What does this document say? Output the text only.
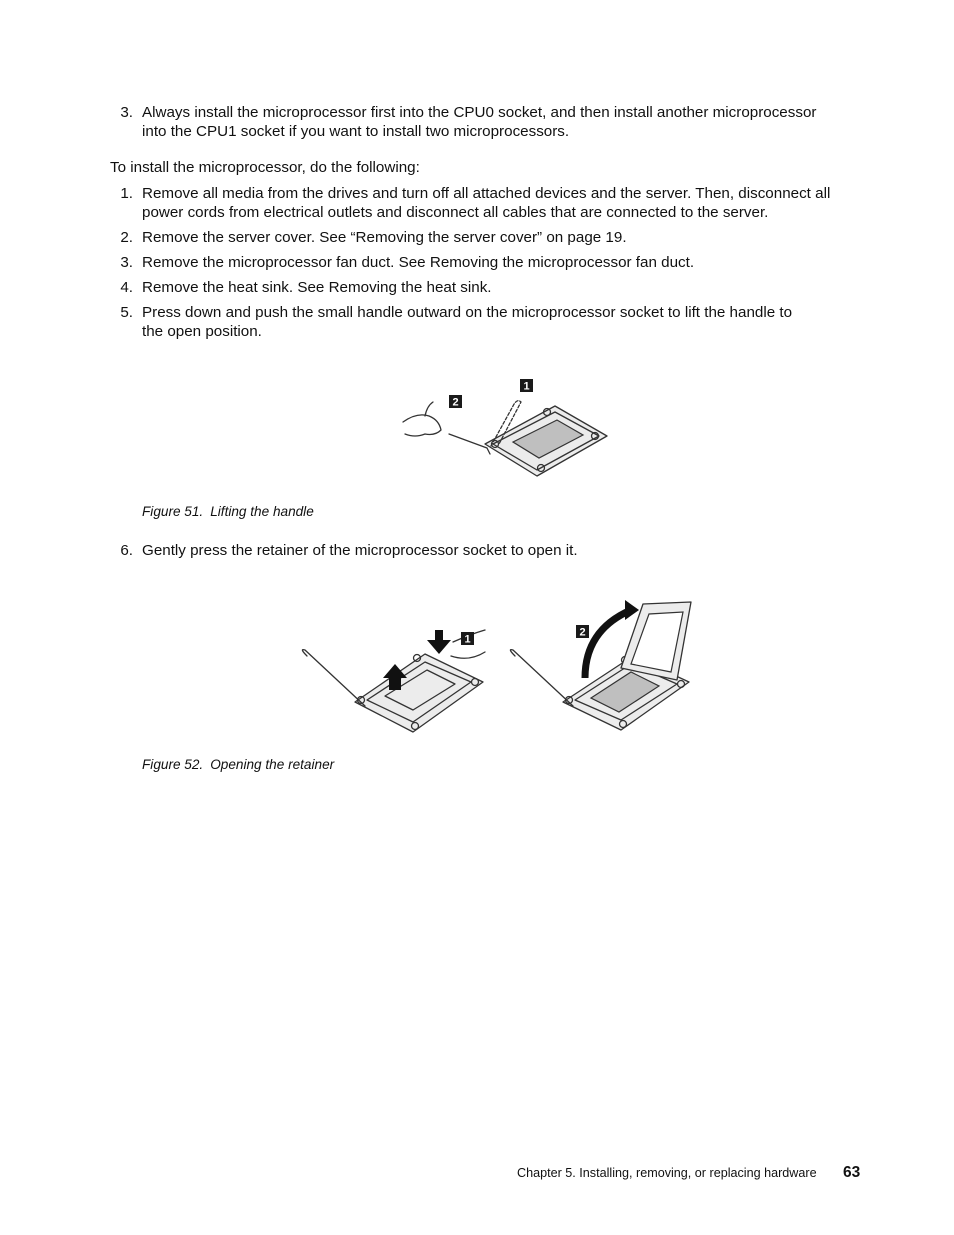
3. Always install the microprocessor first into the CPU0 socket, and then install another microprocessor
into the CPU1 socket if you want to install two microprocessors.
To install the microprocessor, do the following:
1. Remove all media from the drives and turn off all attached devices and the server. Then, disconnect all
power cords from electrical outlets and disconnect all cables that are connected to the server.
2. Remove the server cover. See “Removing the server cover” on page 19.
3. Remove the microprocessor fan duct. See Removing the microprocessor fan duct.
4. Remove the heat sink. See Removing the heat sink.
5. Press down and push the small handle outward on the microprocessor socket to lift the handle to
the open position.
1
2
Figure 51. Lifting the handle
6. Gently press the retainer of the microprocessor socket to open it.
1
2
Figure 52. Opening the retainer
Chapter 5. Installing, removing, or replacing hardware 63
